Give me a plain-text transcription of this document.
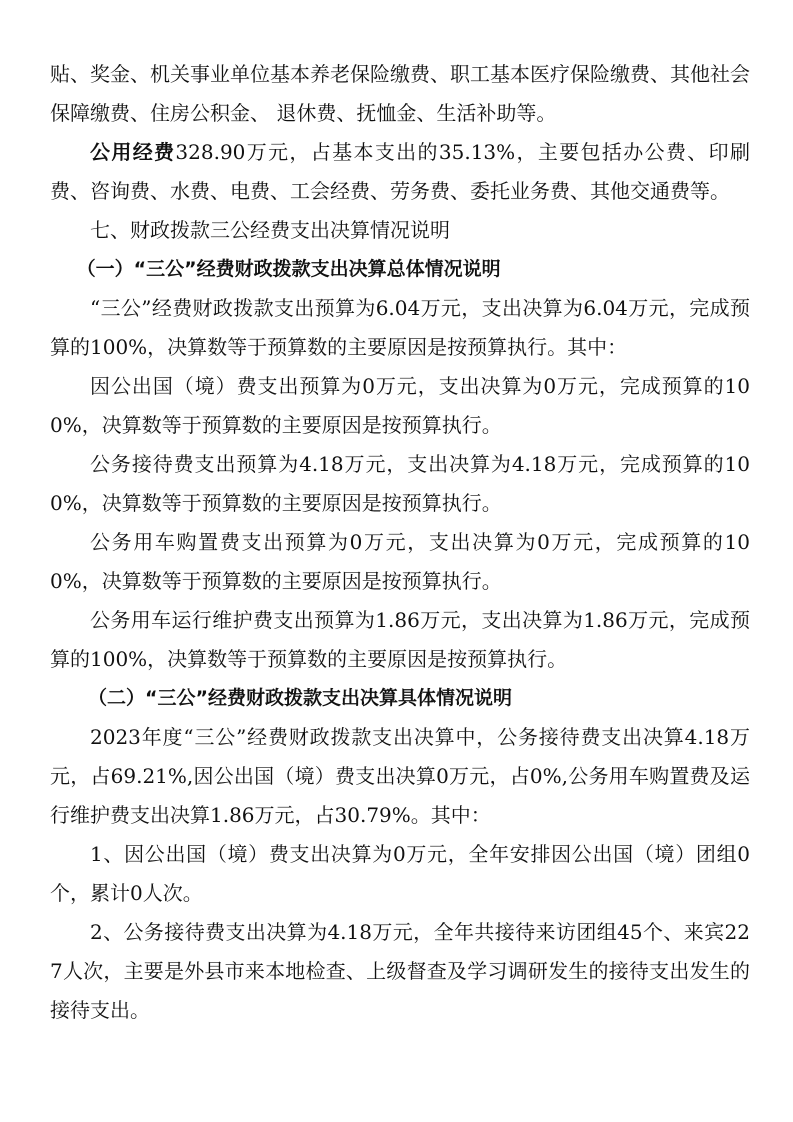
贴、奖金、机关事业单位基本养老保险缴费、职工基本医疗保险缴费、其他社会保障缴费、住房公积金、 退休费、抚恤金、生活补助等。

公用经费328.90万元，占基本支出的35.13%，主要包括办公费、印刷费、咨询费、水费、电费、工会经费、劳务费、委托业务费、其他交通费等。

七、财政拨款三公经费支出决算情况说明

（一）“三公”经费财政拨款支出决算总体情况说明

“三公”经费财政拨款支出预算为6.04万元，支出决算为6.04万元，完成预算的100%，决算数等于预算数的主要原因是按预算执行。其中：

因公出国（境）费支出预算为0万元，支出决算为0万元，完成预算的100%，决算数等于预算数的主要原因是按预算执行。

公务接待费支出预算为4.18万元，支出决算为4.18万元，完成预算的100%，决算数等于预算数的主要原因是按预算执行。

公务用车购置费支出预算为0万元，支出决算为0万元，完成预算的100%，决算数等于预算数的主要原因是按预算执行。

公务用车运行维护费支出预算为1.86万元，支出决算为1.86万元，完成预算的100%，决算数等于预算数的主要原因是按预算执行。

（二）“三公”经费财政拨款支出决算具体情况说明

2023年度“三公”经费财政拨款支出决算中，公务接待费支出决算4.18万元，占69.21%,因公出国（境）费支出决算0万元，占0%,公务用车购置费及运行维护费支出决算1.86万元，占30.79%。其中：

1、因公出国（境）费支出决算为0万元，全年安排因公出国（境）团组0个，累计0人次。

2、公务接待费支出决算为4.18万元，全年共接待来访团组45个、来宾227人次，主要是外县市来本地检查、上级督查及学习调研发生的接待支出发生的接待支出。
